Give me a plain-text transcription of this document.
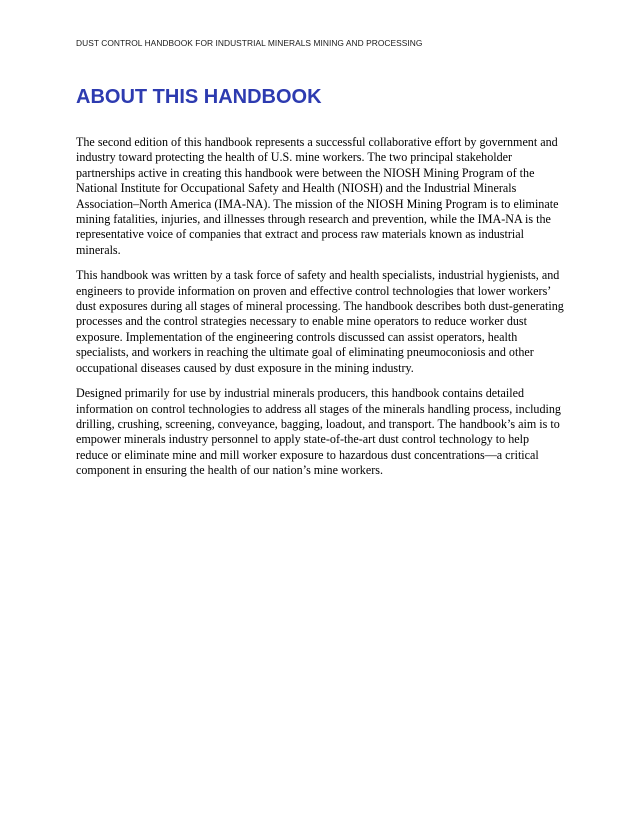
DUST CONTROL HANDBOOK FOR INDUSTRIAL MINERALS MINING AND PROCESSING
ABOUT THIS HANDBOOK

The second edition of this handbook represents a successful collaborative effort by government and industry toward protecting the health of U.S. mine workers. The two principal stakeholder partnerships active in creating this handbook were between the NIOSH Mining Program of the National Institute for Occupational Safety and Health (NIOSH) and the Industrial Minerals Association–North America (IMA-NA). The mission of the NIOSH Mining Program is to eliminate mining fatalities, injuries, and illnesses through research and prevention, while the IMA-NA is the representative voice of companies that extract and process raw materials known as industrial minerals.

This handbook was written by a task force of safety and health specialists, industrial hygienists, and engineers to provide information on proven and effective control technologies that lower workers’ dust exposures during all stages of mineral processing. The handbook describes both dust-generating processes and the control strategies necessary to enable mine operators to reduce worker dust exposure. Implementation of the engineering controls discussed can assist operators, health specialists, and workers in reaching the ultimate goal of eliminating pneumoconiosis and other occupational diseases caused by dust exposure in the mining industry.

Designed primarily for use by industrial minerals producers, this handbook contains detailed information on control technologies to address all stages of the minerals handling process, including drilling, crushing, screening, conveyance, bagging, loadout, and transport. The handbook’s aim is to empower minerals industry personnel to apply state-of-the-art dust control technology to help reduce or eliminate mine and mill worker exposure to hazardous dust concentrations—a critical component in ensuring the health of our nation’s mine workers.
